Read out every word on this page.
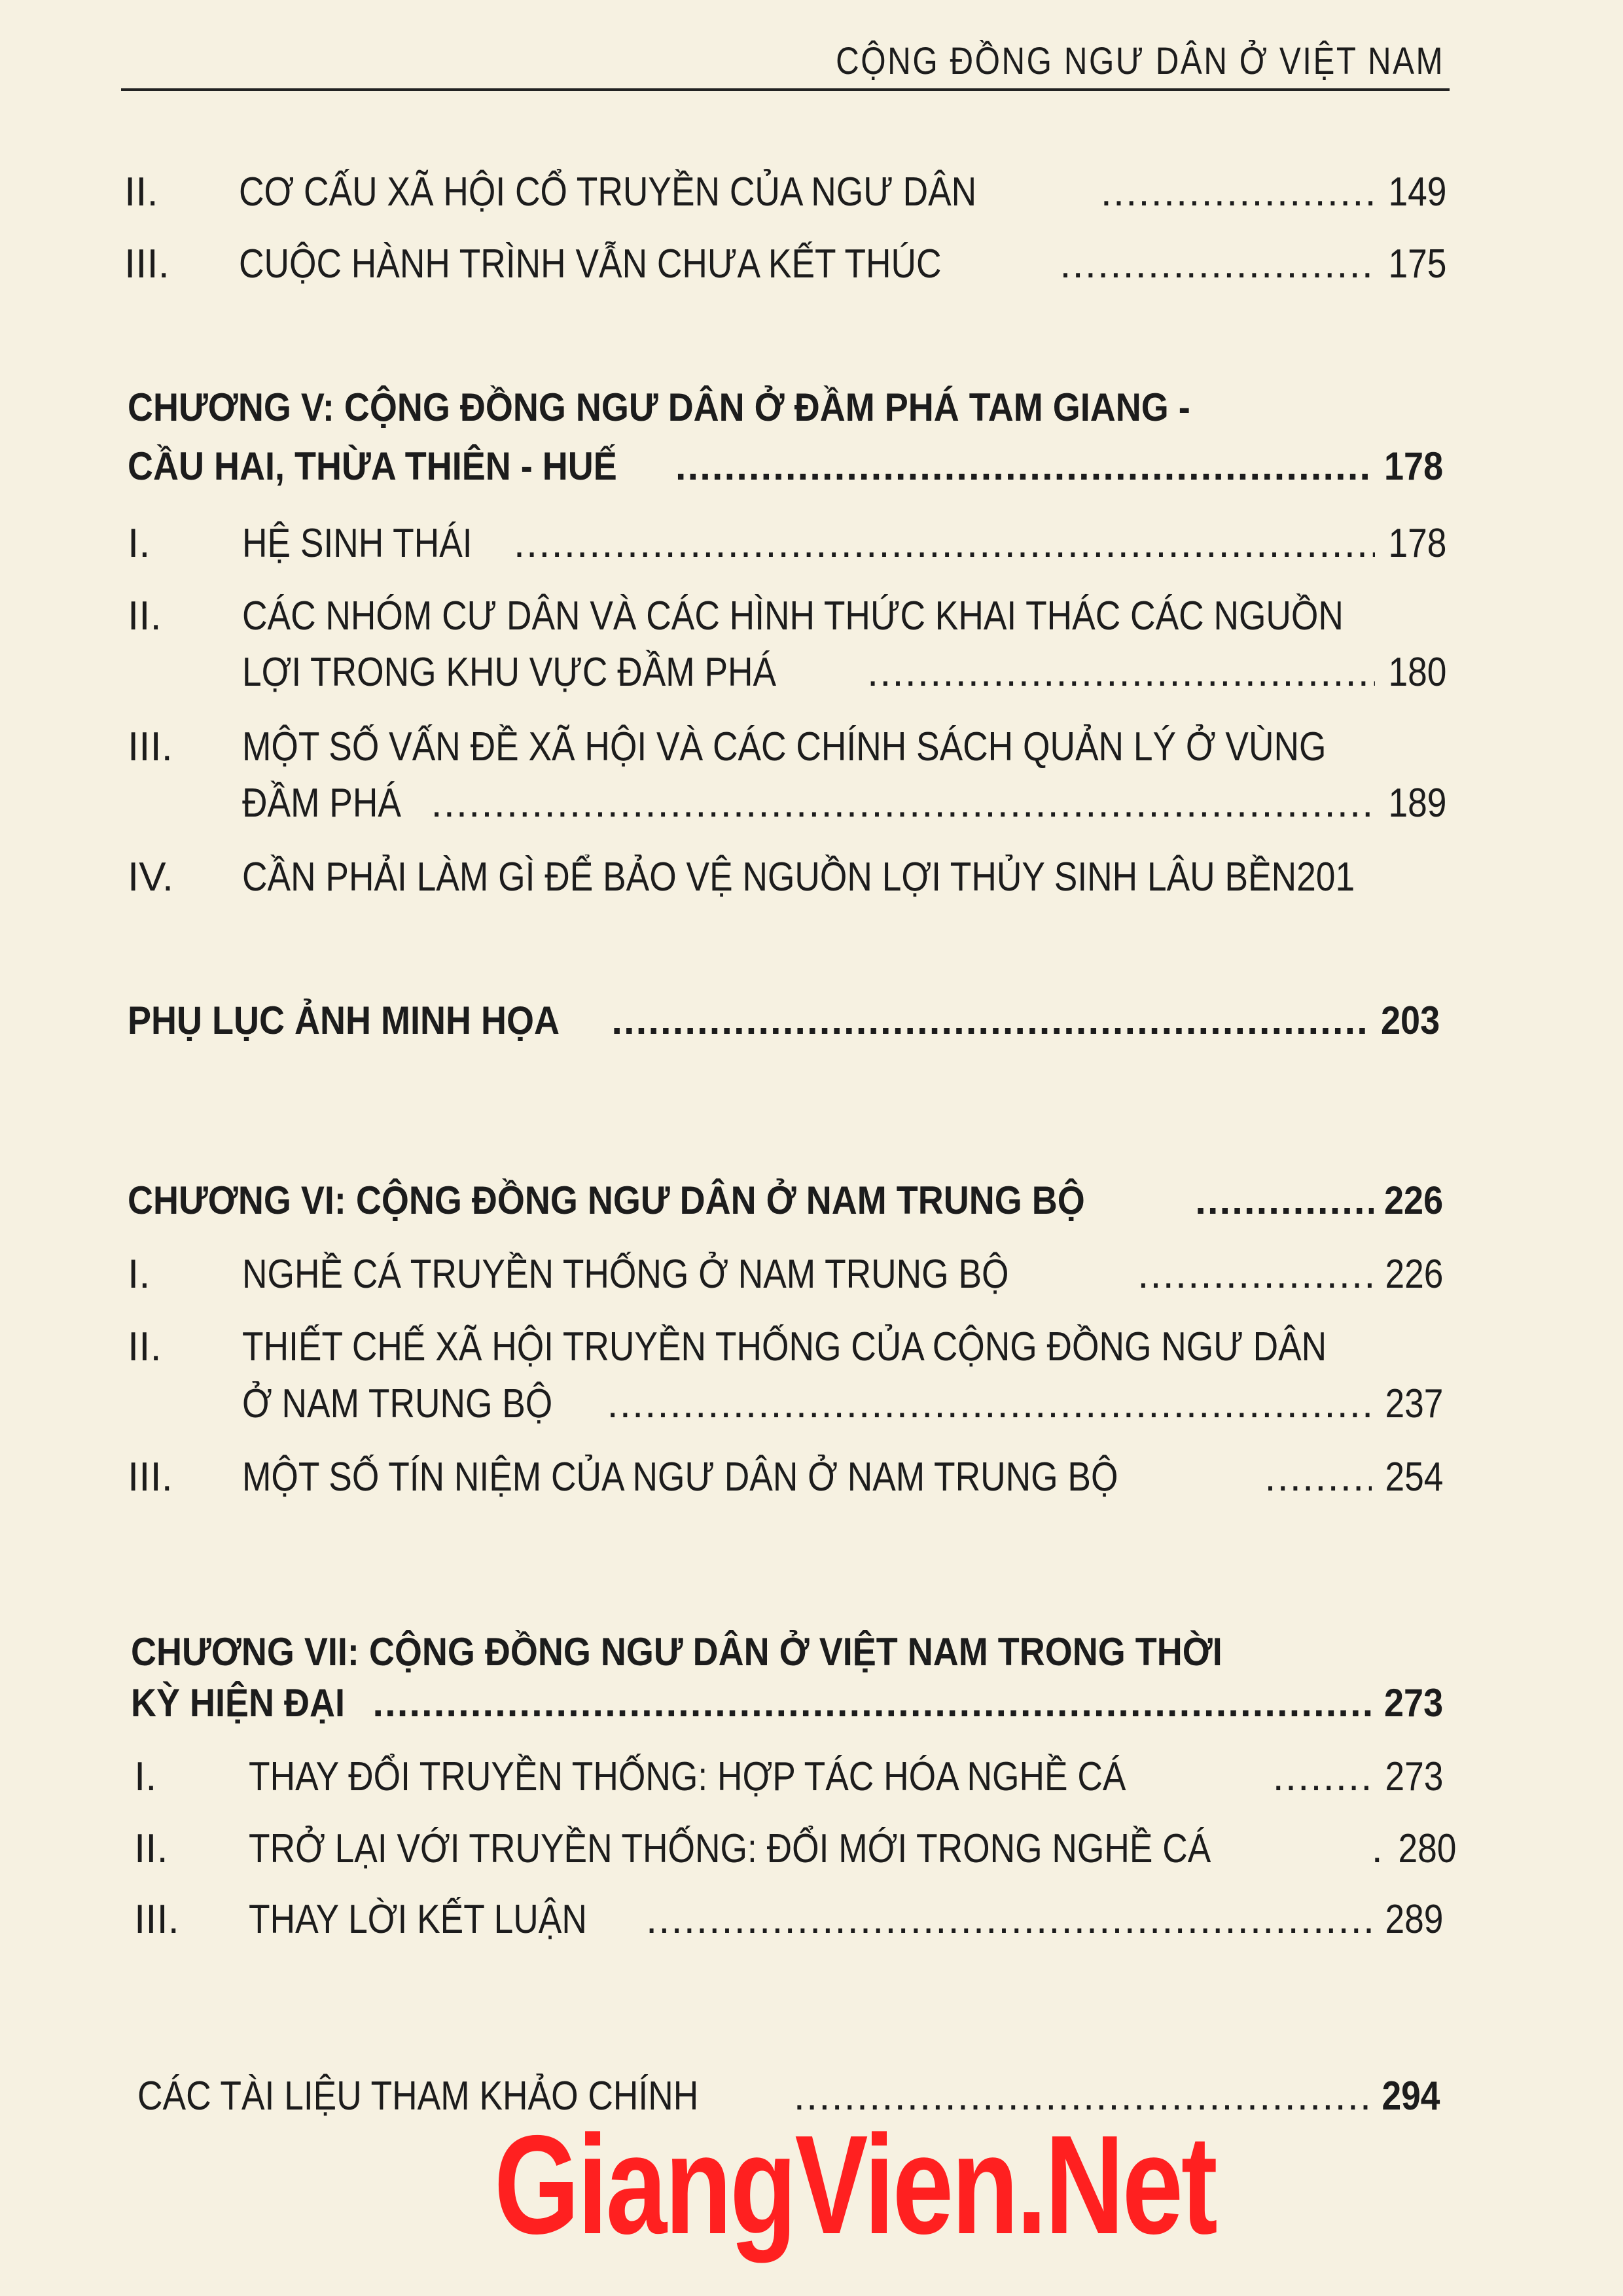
CỘNG ĐỒNG NGƯ DÂN Ở VIỆT NAM
II.	CƠ CẤU XÃ HỘI CỔ TRUYỀN CỦA NGƯ DÂN .....	149
III.	CUỘC HÀNH TRÌNH VẪN CHƯA KẾT THÚC .....	175
CHƯƠNG V: CỘNG ĐỒNG NGƯ DÂN Ở ĐẦM PHÁ TAM GIANG -
CẦU HAI, THỪA THIÊN - HUẾ .....	178
I.	HỆ SINH THÁI .....	178
II.	CÁC NHÓM CƯ DÂN VÀ CÁC HÌNH THỨC KHAI THÁC CÁC NGUỒN
LỢI TRONG KHU VỰC ĐẦM PHÁ .....	180
III.	MỘT SỐ VẤN ĐỀ XÃ HỘI VÀ CÁC CHÍNH SÁCH QUẢN LÝ Ở VÙNG
ĐẦM PHÁ .....	189
IV.	CẦN PHẢI LÀM GÌ ĐỂ BẢO VỆ NGUỒN LỢI THỦY SINH LÂU BỀN201
PHỤ LỤC ẢNH MINH HỌA .....	203
CHƯƠNG VI: CỘNG ĐỒNG NGƯ DÂN Ở NAM TRUNG BỘ .....	226
I.	NGHỀ CÁ TRUYỀN THỐNG Ở NAM TRUNG BỘ .....	226
II.	THIẾT CHẾ XÃ HỘI TRUYỀN THỐNG CỦA CỘNG ĐỒNG NGƯ DÂN
Ở NAM TRUNG BỘ .....	237
III.	MỘT SỐ TÍN NIỆM CỦA NGƯ DÂN Ở NAM TRUNG BỘ .....	254
CHƯƠNG VII: CỘNG ĐỒNG NGƯ DÂN Ở VIỆT NAM TRONG THỜI
KỲ HIỆN ĐẠI .....	273
I.	THAY ĐỔI TRUYỀN THỐNG: HỢP TÁC HÓA NGHỀ CÁ .....	273
II.	TRỞ LẠI VỚI TRUYỀN THỐNG: ĐỔI MỚI TRONG NGHỀ CÁ .....	280
III.	THAY LỜI KẾT LUẬN .....	289
CÁC TÀI LIỆU THAM KHẢO CHÍNH .....	294
GiangVien.Net
